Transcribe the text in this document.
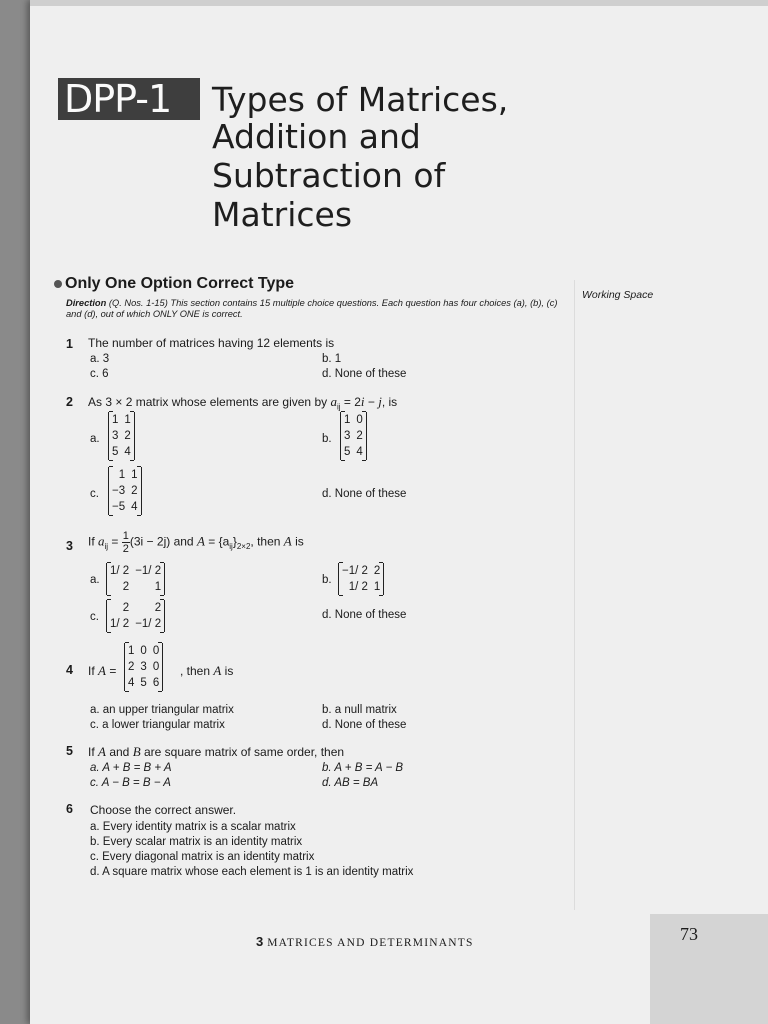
DPP-1	Types of Matrices,
Addition and
Subtraction of
Matrices
Only One Option Correct Type
Direction (Q. Nos. 1-15) This section contains 15 multiple choice questions. Each question has four choices (a), (b), (c) and (d), out of which ONLY ONE is correct.
Working Space
1 The number of matrices having 12 elements is
a. 3	b. 1
c. 6	d. None of these
2 As 3 × 2 matrix whose elements are given by $a_{ij} = 2i - j$, is
a.
1	1
3	2
5	4
b.
1	0
3	2
5	4
c.
1	1
−3	2
−5	4
d. None of these
3 If $a_{ij} = \frac{1}{2} (3i - 2j)$ and $A = \{a_{ij}\}_{2\times 2}$, then A is
a.
1/ 2	−1/ 2
2	1
b.
−1/ 2	2
1/ 2	1
c.
2	2
1/ 2	−1/ 2
d. None of these
4 If A =
1	0	0
2	3	0
4	5	6
, then A is
a. an upper triangular matrix	b. a null matrix
c. a lower triangular matrix	d. None of these
5 If A and B are square matrix of same order, then
a. A + B = B + A	b. A + B = A − B
c. A − B = B − A	d. AB = BA
6 Choose the correct answer.
a. Every identity matrix is a scalar matrix
b. Every scalar matrix is an identity matrix
c. Every diagonal matrix is an identity matrix
d. A square matrix whose each element is 1 is an identity matrix
3 MATRICES AND DETERMINANTS	73
